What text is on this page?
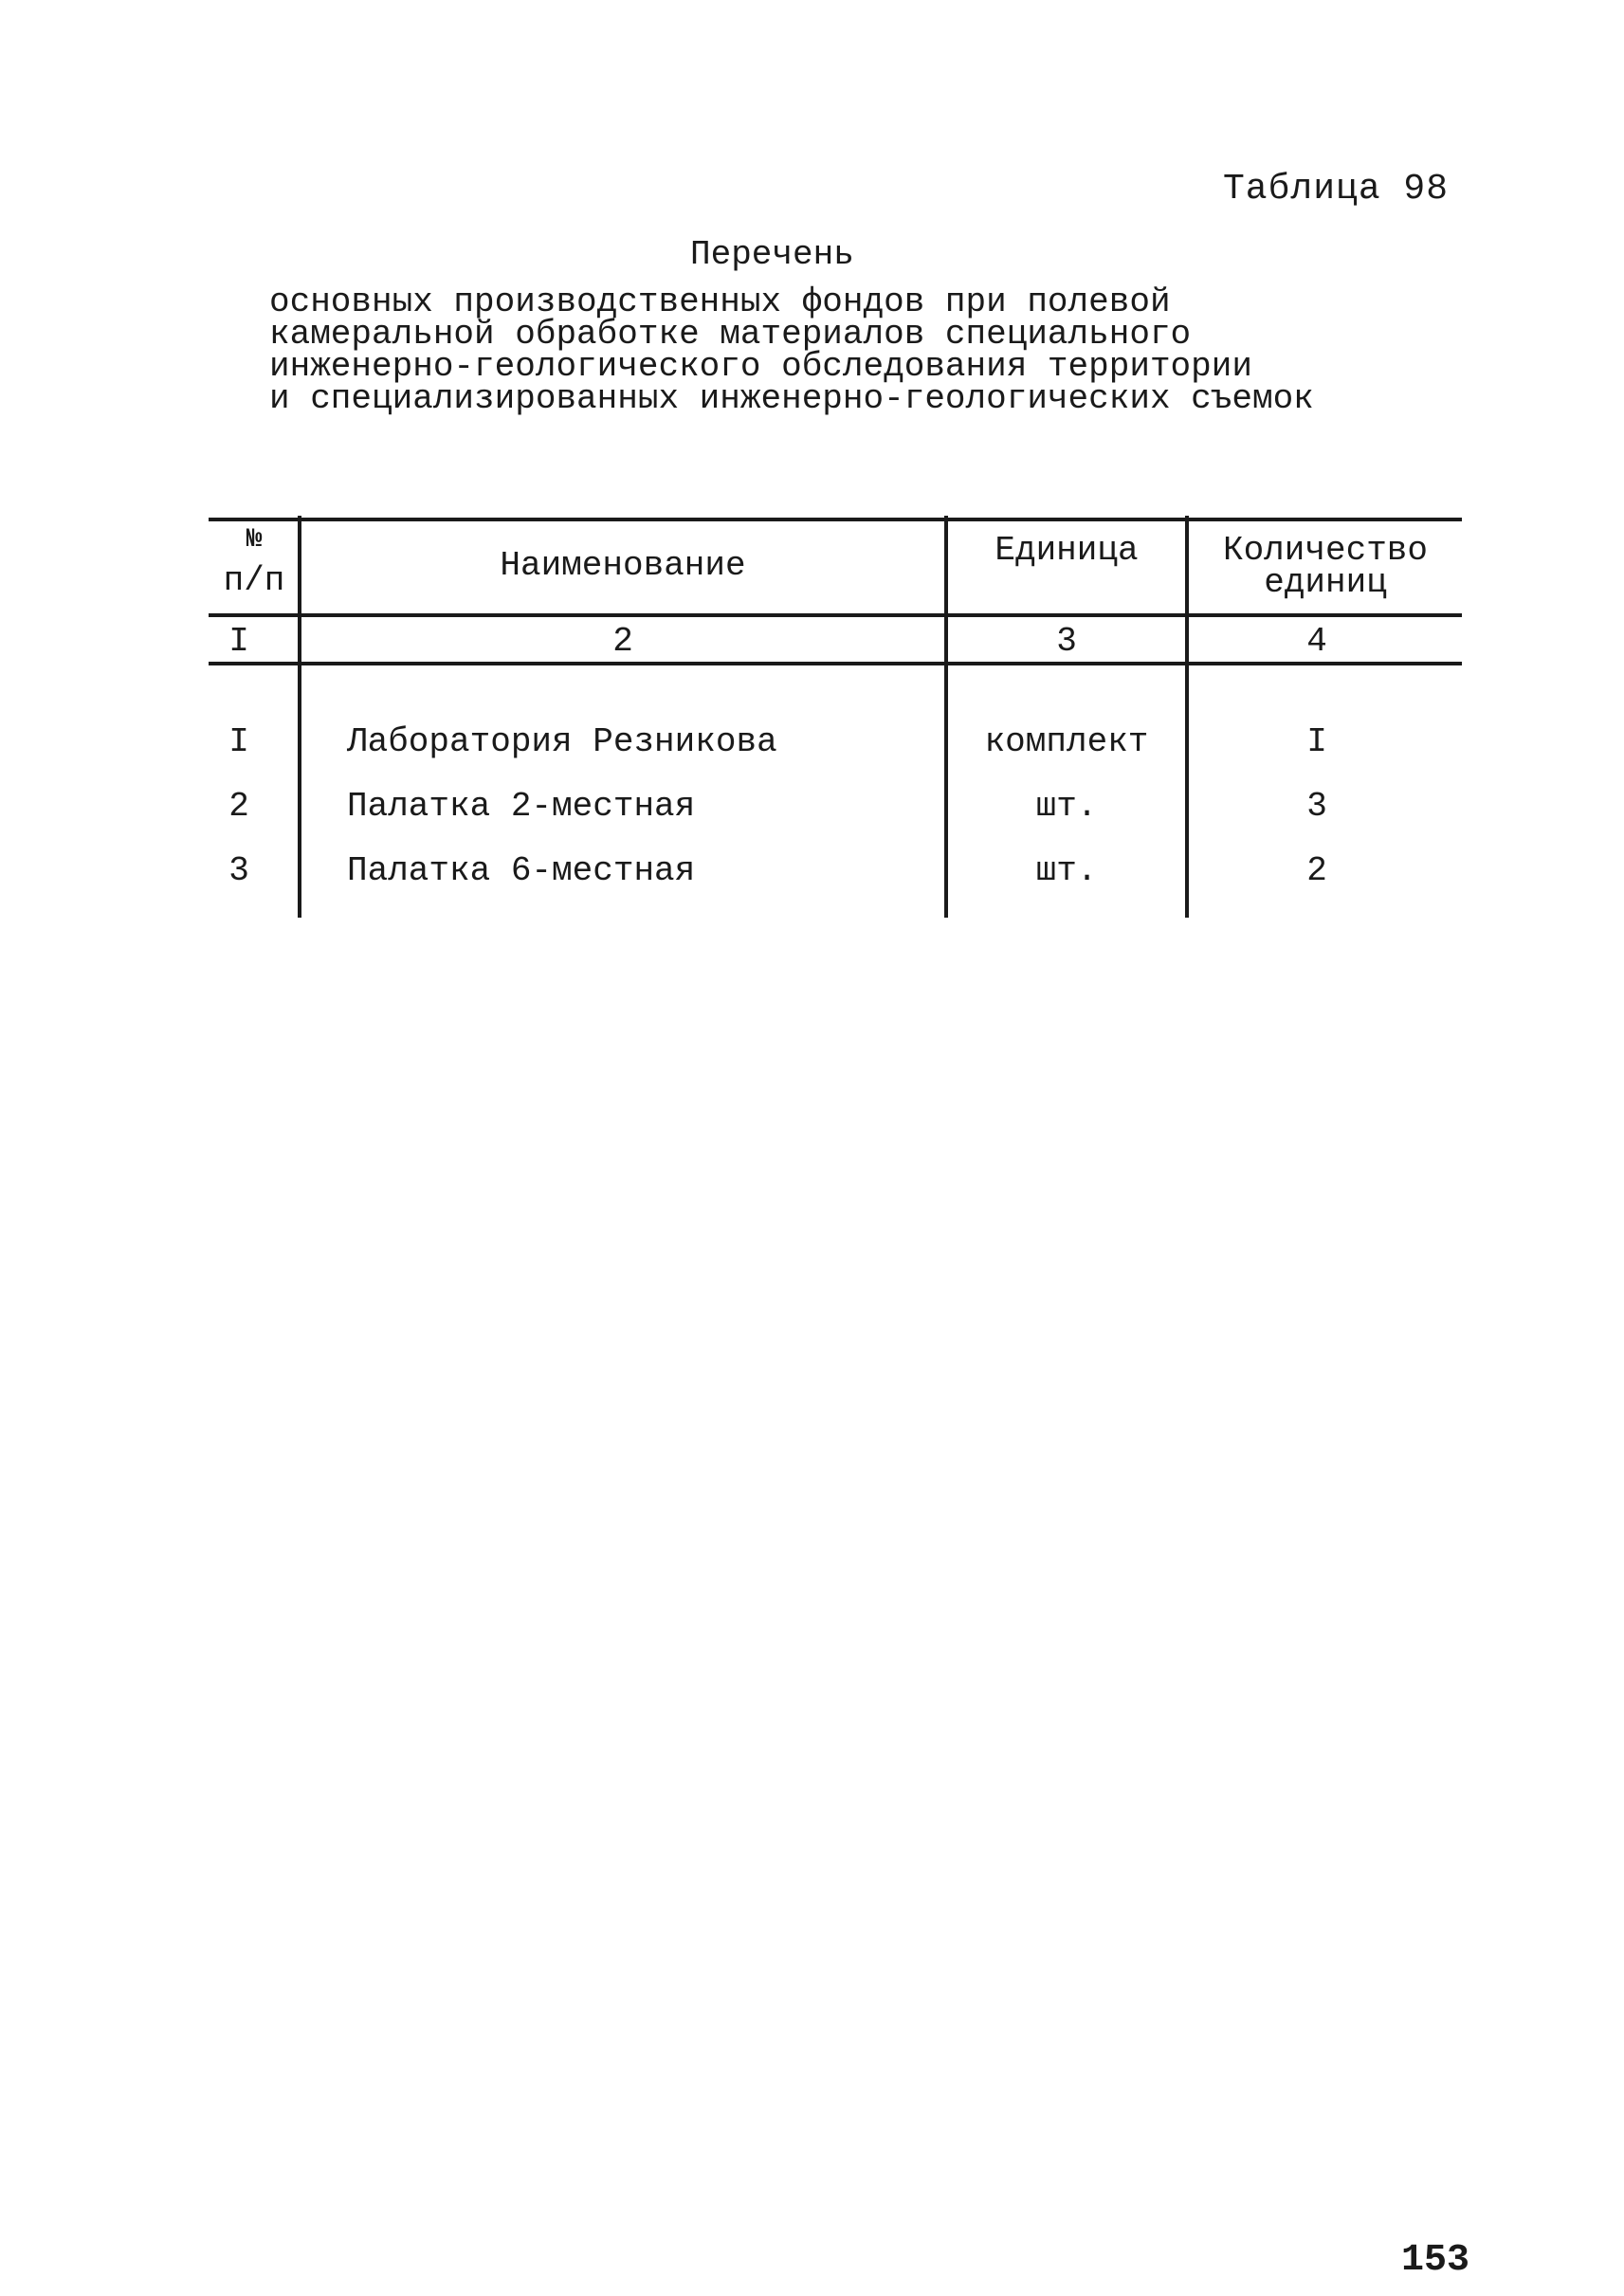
Таблица 98
Перечень
основных производственных фондов при полевой
камеральной обработке материалов специального
инженерно-геологического обследования территории
и специализированных инженерно-геологических съемок
№
п/п	Наименование	Единица	Количество
единиц
I	2	3	4
I	Лаборатория Резникова	комплект	I
2	Палатка 2-местная	шт.	3
3	Палатка 6-местная	шт.	2
153
